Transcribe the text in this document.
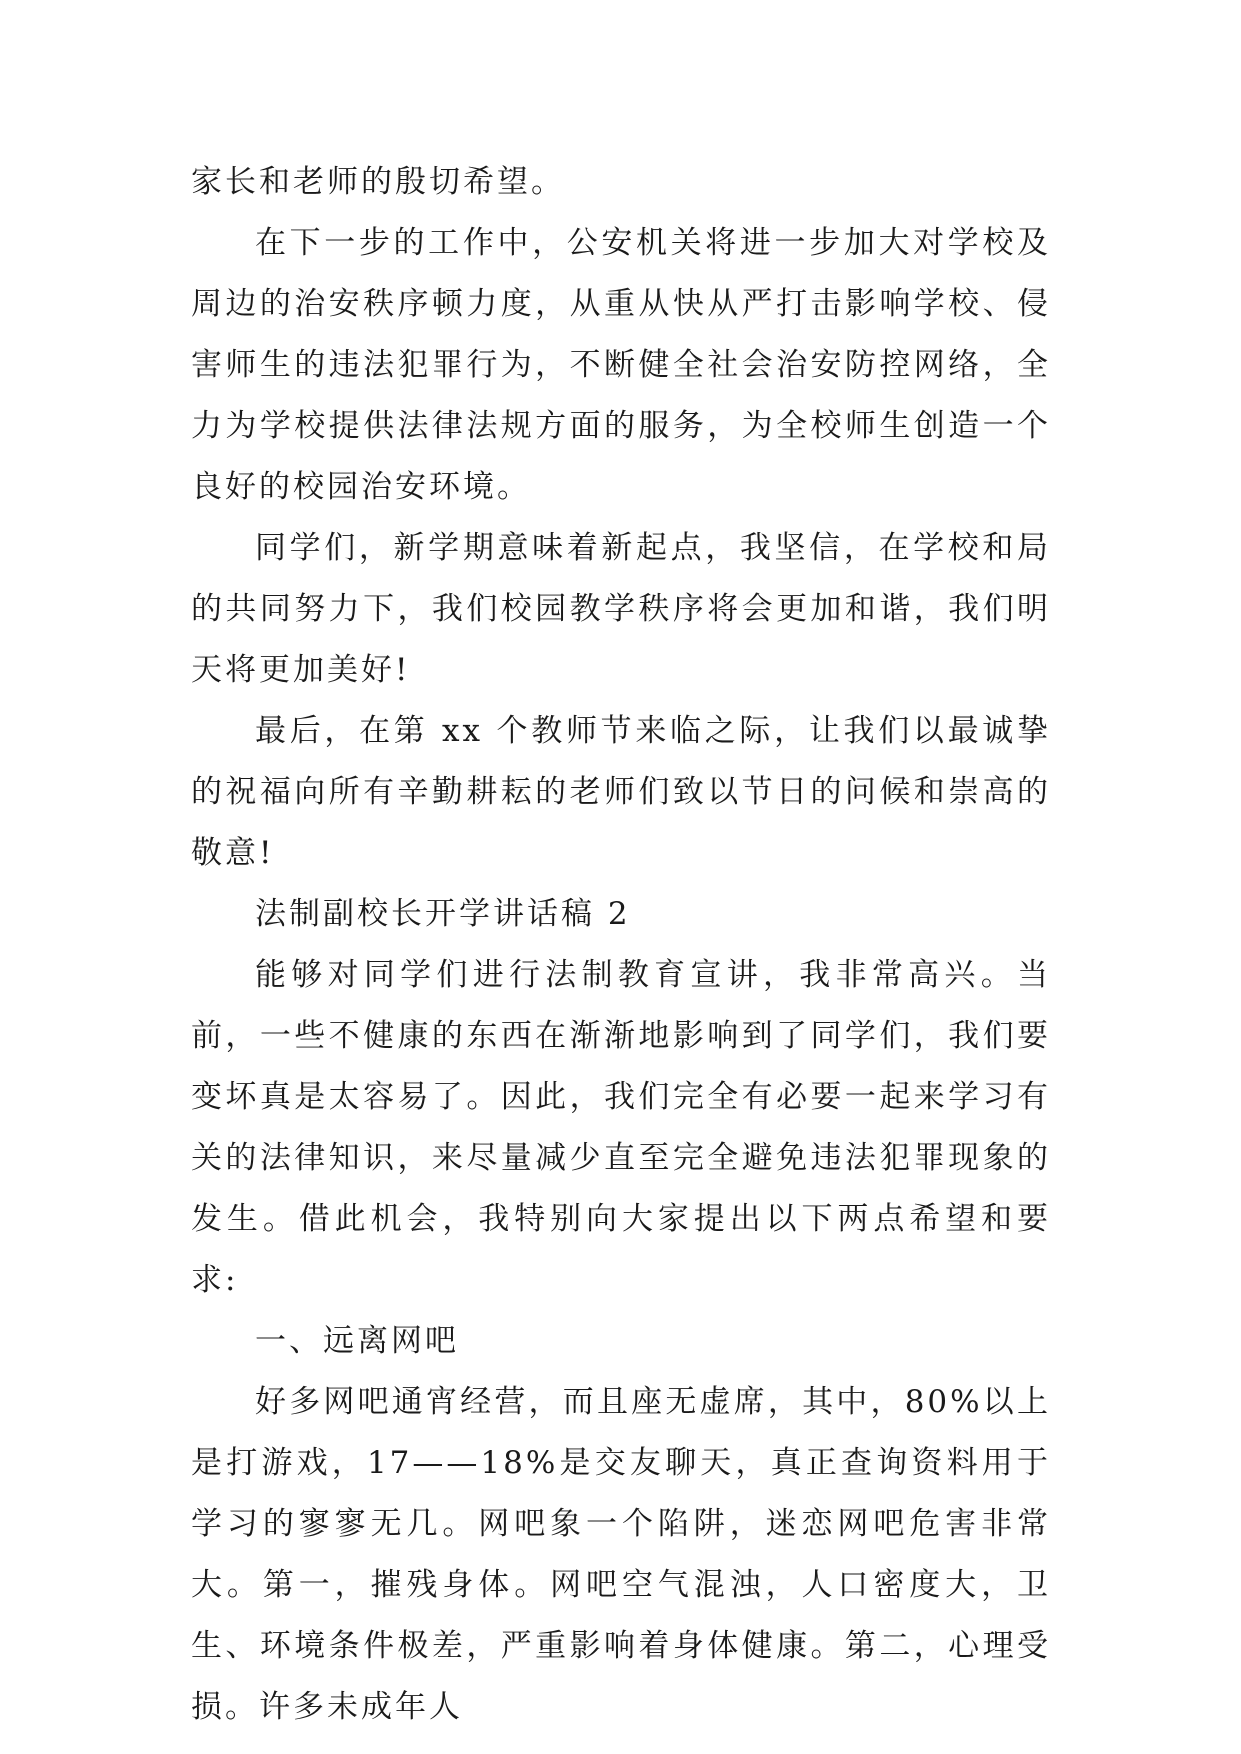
家长和老师的殷切希望。

在下一步的工作中，公安机关将进一步加大对学校及周边的治安秩序顿力度，从重从快从严打击影响学校、侵害师生的违法犯罪行为，不断健全社会治安防控网络，全力为学校提供法律法规方面的服务，为全校师生创造一个良好的校园治安环境。

同学们，新学期意味着新起点，我坚信，在学校和局的共同努力下，我们校园教学秩序将会更加和谐，我们明天将更加美好!

最后，在第 xx 个教师节来临之际，让我们以最诚挚的祝福向所有辛勤耕耘的老师们致以节日的问候和崇高的敬意!

法制副校长开学讲话稿 2

能够对同学们进行法制教育宣讲，我非常高兴。当前，一些不健康的东西在渐渐地影响到了同学们，我们要变坏真是太容易了。因此，我们完全有必要一起来学习有关的法律知识，来尽量减少直至完全避免违法犯罪现象的发生。借此机会，我特别向大家提出以下两点希望和要求:

一、远离网吧

好多网吧通宵经营，而且座无虚席，其中，80%以上是打游戏，17——18%是交友聊天，真正查询资料用于学习的寥寥无几。网吧象一个陷阱，迷恋网吧危害非常大。第一，摧残身体。网吧空气混浊，人口密度大，卫生、环境条件极差，严重影响着身体健康。第二，心理受损。许多未成年人
